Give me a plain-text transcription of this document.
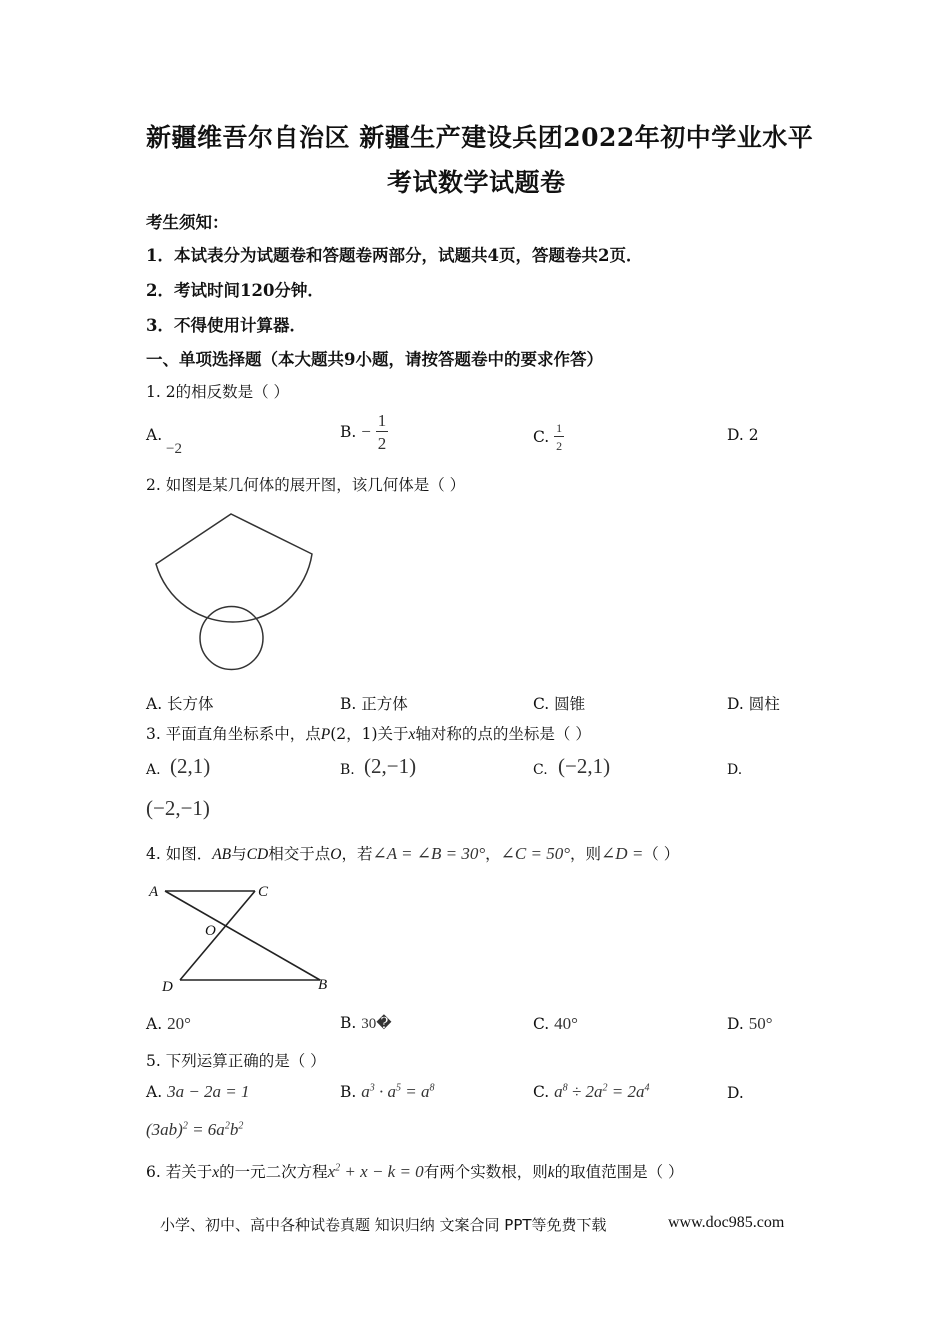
新疆维吾尔自治区 新疆生产建设兵团2022年初中学业水平
考试数学试题卷
考生须知：
1．本试表分为试题卷和答题卷两部分，试题共4页，答题卷共2页．
2．考试时间120分钟．
3．不得使用计算器．
一、单项选择题（本大题共9小题，请按答题卷中的要求作答）
1. 2的相反数是（ ）
A.
−2
B. − $\frac{1}{2}$	C. $\frac{1}{2}$	D. 2
2. 如图是某几何体的展开图，该几何体是（ ）
A. 长方体	B. 正方体	C. 圆锥	D. 圆柱
3. 平面直角坐标系中，点P(2，1)关于x轴对称的点的坐标是（ ）
A. (2,1)	B. (2,−1)	C. (−2,1)	D.
(−2,−1)
4. 如图．AB与CD相交于点O，若∠A = ∠B = 30°，∠C = 50°，则∠D =（ ）
A	C
O
D	B
A. 20°	B. 30�	C. 40°	D. 50°
5. 下列运算正确的是（ ）
A. 3a − 2a = 1	B. $a^3 \cdot a^5 = a^8$	C. $a^8 \div 2a^2 = 2a^4$	D.
$(3ab)^2 = 6a^2b^2$
6. 若关于x的一元二次方程$x^2 + x - k = 0$有两个实数根，则k的取值范围是（ ）
小学、初中、高中各种试卷真题 知识归纳 文案合同 PPT等免费下载	www.doc985.com
